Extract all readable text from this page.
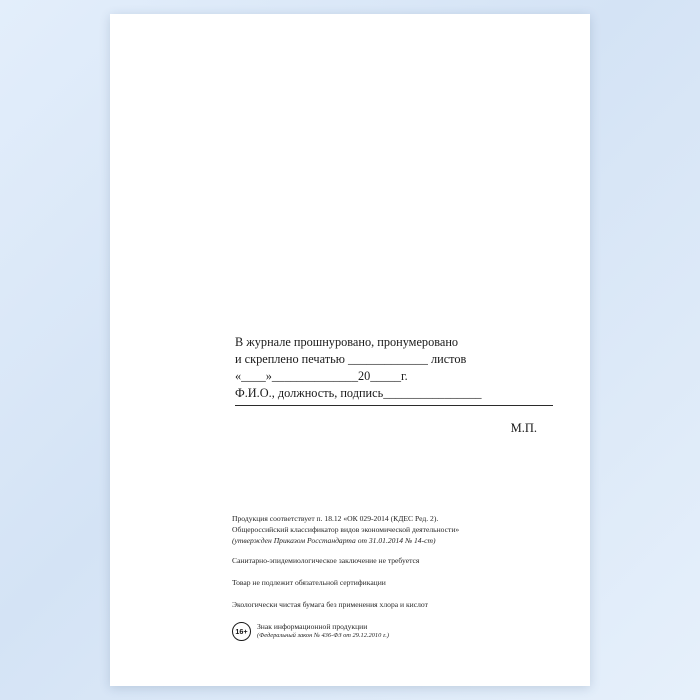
В журнале прошнуровано, пронумеровано
и скреплено печатью _____________ листов
«____»______________20_____г.
Ф.И.О., должность, подпись________________
М.П.

Продукция соответствует п. 18.12 «ОК 029-2014 (КДЕС Ред. 2).
Общероссийский классификатор видов экономической деятельности»
(утвержден Приказом Росстандарта от 31.01.2014 № 14-ст)

Санитарно-эпидемиологическое заключение не требуется

Товар не подлежит обязательной сертификации

Экологически чистая бумага без применения хлора и кислот

16+
Знак информационной продукции
(Федеральный закон № 436-ФЗ от 29.12.2010 г.)
